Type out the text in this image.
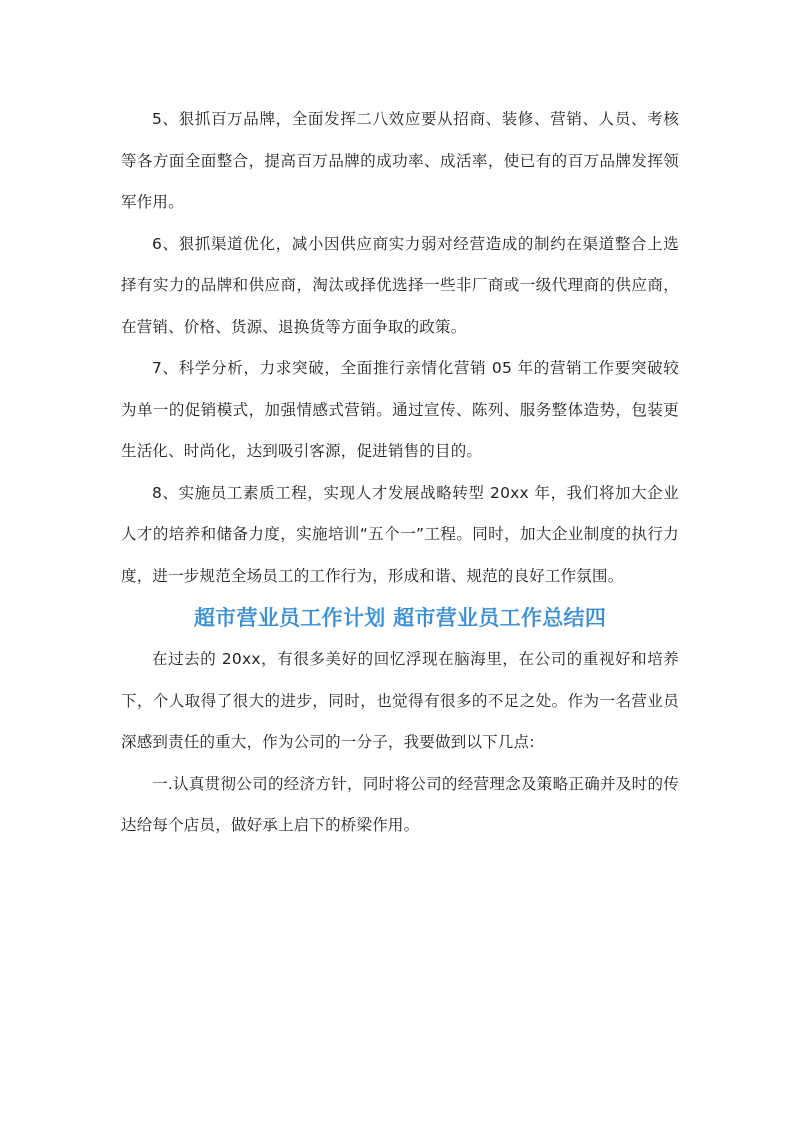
5、狠抓百万品牌，全面发挥二八效应要从招商、装修、营销、人员、考核等各方面全面整合，提高百万品牌的成功率、成活率，使已有的百万品牌发挥领军作用。

6、狠抓渠道优化，减小因供应商实力弱对经营造成的制约在渠道整合上选择有实力的品牌和供应商，淘汰或择优选择一些非厂商或一级代理商的供应商，在营销、价格、货源、退换货等方面争取的政策。

7、科学分析，力求突破，全面推行亲情化营销 05 年的营销工作要突破较为单一的促销模式，加强情感式营销。通过宣传、陈列、服务整体造势，包装更生活化、时尚化，达到吸引客源，促进销售的目的。

8、实施员工素质工程，实现人才发展战略转型 20xx 年，我们将加大企业人才的培养和储备力度，实施培训“五个一”工程。同时，加大企业制度的执行力度，进一步规范全场员工的工作行为，形成和谐、规范的良好工作氛围。

超市营业员工作计划 超市营业员工作总结四

在过去的 20xx，有很多美好的回忆浮现在脑海里，在公司的重视好和培养下，个人取得了很大的进步，同时，也觉得有很多的不足之处。作为一名营业员深感到责任的重大，作为公司的一分子，我要做到以下几点:

一.认真贯彻公司的经济方针，同时将公司的经营理念及策略正确并及时的传达给每个店员，做好承上启下的桥梁作用。
